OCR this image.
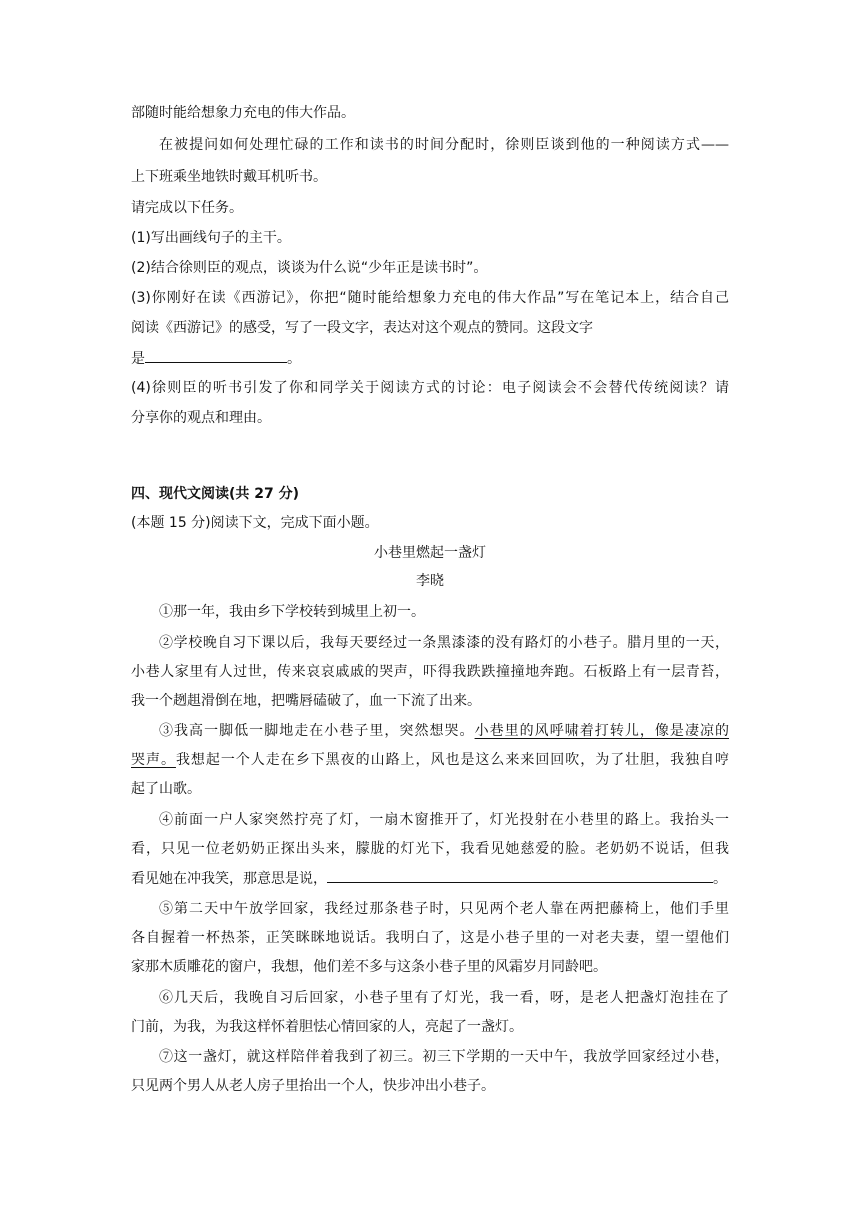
部随时能给想象力充电的伟大作品。
在被提问如何处理忙碌的工作和读书的时间分配时，徐则臣谈到他的一种阅读方式——
上下班乘坐地铁时戴耳机听书。
请完成以下任务。
(1)写出画线句子的主干。
(2)结合徐则臣的观点，谈谈为什么说“少年正是读书时”。
(3)你刚好在读《西游记》，你把“随时能给想象力充电的伟大作品”写在笔记本上，结合自己
阅读《西游记》的感受，写了一段文字，表达对这个观点的赞同。这段文字
是	。
(4)徐则臣的听书引发了你和同学关于阅读方式的讨论：电子阅读会不会替代传统阅读？请
分享你的观点和理由。
四、现代文阅读(共 27 分)
(本题 15 分)阅读下文，完成下面小题。
小巷里燃起一盏灯
李晓
①那一年，我由乡下学校转到城里上初一。
②学校晚自习下课以后，我每天要经过一条黑漆漆的没有路灯的小巷子。腊月里的一天，
小巷人家里有人过世，传来哀哀戚戚的哭声，吓得我跌跌撞撞地奔跑。石板路上有一层青苔，
我一个趔趄滑倒在地，把嘴唇磕破了，血一下流了出来。
③我高一脚低一脚地走在小巷子里，突然想哭。小巷里的风呼啸着打转儿，像是凄凉的
哭声。我想起一个人走在乡下黑夜的山路上，风也是这么来来回回吹，为了壮胆，我独自哼
起了山歌。
④前面一户人家突然拧亮了灯，一扇木窗推开了，灯光投射在小巷里的路上。我抬头一
看，只见一位老奶奶正探出头来，朦胧的灯光下，我看见她慈爱的脸。老奶奶不说话，但我
看见她在冲我笑，那意思是说，	。
⑤第二天中午放学回家，我经过那条巷子时，只见两个老人靠在两把藤椅上，他们手里
各自握着一杯热茶，正笑眯眯地说话。我明白了，这是小巷子里的一对老夫妻，望一望他们
家那木质雕花的窗户，我想，他们差不多与这条小巷子里的风霜岁月同龄吧。
⑥几天后，我晚自习后回家，小巷子里有了灯光，我一看，呀，是老人把盏灯泡挂在了
门前，为我，为我这样怀着胆怯心情回家的人，亮起了一盏灯。
⑦这一盏灯，就这样陪伴着我到了初三。初三下学期的一天中午，我放学回家经过小巷，
只见两个男人从老人房子里抬出一个人，快步冲出小巷子。
